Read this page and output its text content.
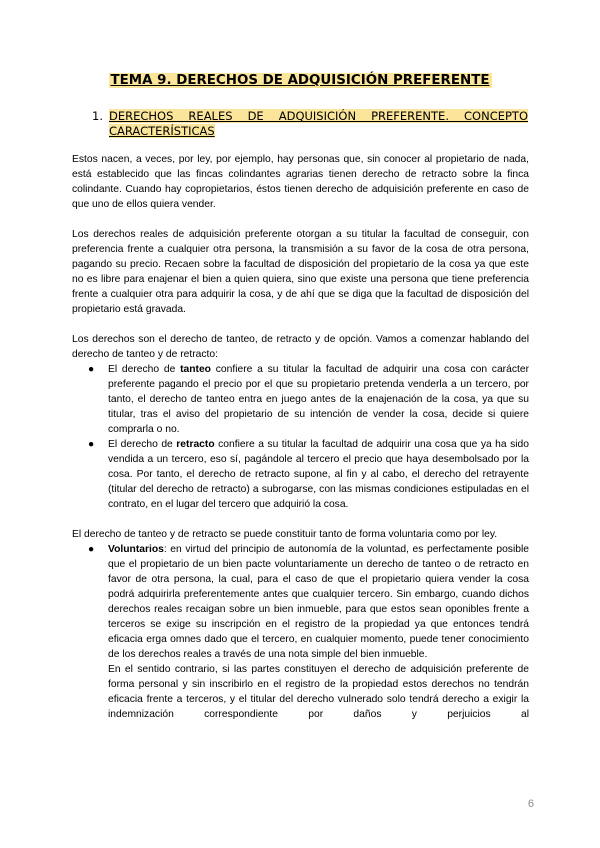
TEMA 9. DERECHOS DE ADQUISICIÓN PREFERENTE
1. DERECHOS REALES DE ADQUISICIÓN PREFERENTE. CONCEPTO CARACTERÍSTICAS

Estos nacen, a veces, por ley, por ejemplo, hay personas que, sin conocer al propietario de nada, está establecido que las fincas colindantes agrarias tienen derecho de retracto sobre la finca colindante. Cuando hay copropietarios, éstos tienen derecho de adquisición preferente en caso de que uno de ellos quiera vender.

Los derechos reales de adquisición preferente otorgan a su titular la facultad de conseguir, con preferencia frente a cualquier otra persona, la transmisión a su favor de la cosa de otra persona, pagando su precio. Recaen sobre la facultad de disposición del propietario de la cosa ya que este no es libre para enajenar el bien a quien quiera, sino que existe una persona que tiene preferencia frente a cualquier otra para adquirir la cosa, y de ahí que se diga que la facultad de disposición del propietario está gravada.

Los derechos son el derecho de tanteo, de retracto y de opción. Vamos a comenzar hablando del derecho de tanteo y de retracto:

● El derecho de tanteo confiere a su titular la facultad de adquirir una cosa con carácter preferente pagando el precio por el que su propietario pretenda venderla a un tercero, por tanto, el derecho de tanteo entra en juego antes de la enajenación de la cosa, ya que su titular, tras el aviso del propietario de su intención de vender la cosa, decide si quiere comprarla o no.
● El derecho de retracto confiere a su titular la facultad de adquirir una cosa que ya ha sido vendida a un tercero, eso sí, pagándole al tercero el precio que haya desembolsado por la cosa. Por tanto, el derecho de retracto supone, al fin y al cabo, el derecho del retrayente (titular del derecho de retracto) a subrogarse, con las mismas condiciones estipuladas en el contrato, en el lugar del tercero que adquirió la cosa.

El derecho de tanteo y de retracto se puede constituir tanto de forma voluntaria como por ley.

● Voluntarios: en virtud del principio de autonomía de la voluntad, es perfectamente posible que el propietario de un bien pacte voluntariamente un derecho de tanteo o de retracto en favor de otra persona, la cual, para el caso de que el propietario quiera vender la cosa podrá adquirirla preferentemente antes que cualquier tercero. Sin embargo, cuando dichos derechos reales recaigan sobre un bien inmueble, para que estos sean oponibles frente a terceros se exige su inscripción en el registro de la propiedad ya que entonces tendrá eficacia erga omnes dado que el tercero, en cualquier momento, puede tener conocimiento de los derechos reales a través de una nota simple del bien inmueble.

En el sentido contrario, si las partes constituyen el derecho de adquisición preferente de forma personal y sin inscribirlo en el registro de la propiedad estos derechos no tendrán eficacia frente a terceros, y el titular del derecho vulnerado solo tendrá derecho a exigir la indemnización correspondiente por daños y perjuicios al

6
